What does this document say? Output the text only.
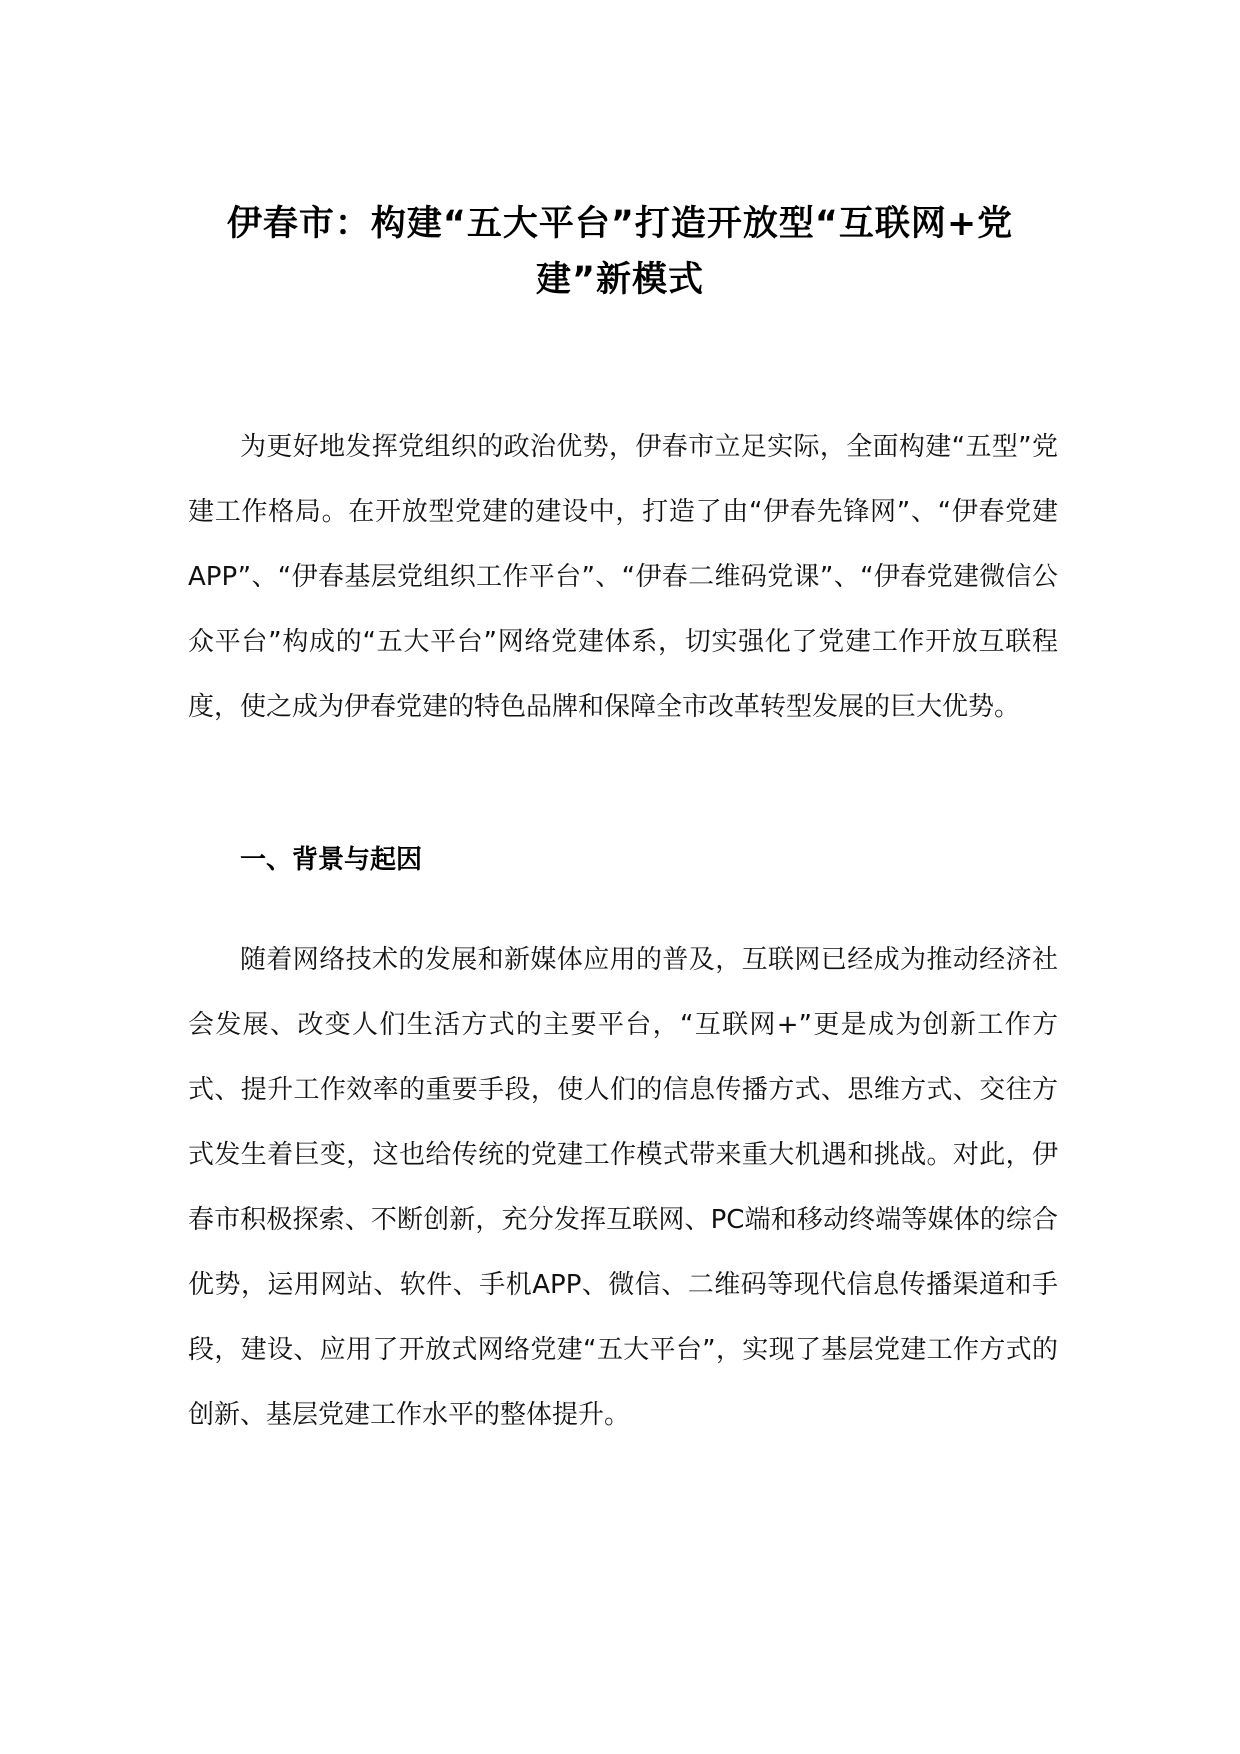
伊春市：构建“五大平台”打造开放型“互联网+党
建”新模式

为更好地发挥党组织的政治优势，伊春市立足实际，全面构建“五型”党建工作格局。在开放型党建的建设中，打造了由“伊春先锋网”、“伊春党建APP”、“伊春基层党组织工作平台”、“伊春二维码党课”、“伊春党建微信公众平台”构成的“五大平台”网络党建体系，切实强化了党建工作开放互联程度，使之成为伊春党建的特色品牌和保障全市改革转型发展的巨大优势。

一、背景与起因

随着网络技术的发展和新媒体应用的普及，互联网已经成为推动经济社会发展、改变人们生活方式的主要平台，“互联网+”更是成为创新工作方式、提升工作效率的重要手段，使人们的信息传播方式、思维方式、交往方式发生着巨变，这也给传统的党建工作模式带来重大机遇和挑战。对此，伊春市积极探索、不断创新，充分发挥互联网、PC端和移动终端等媒体的综合优势，运用网站、软件、手机APP、微信、二维码等现代信息传播渠道和手段，建设、应用了开放式网络党建“五大平台”，实现了基层党建工作方式的创新、基层党建工作水平的整体提升。
